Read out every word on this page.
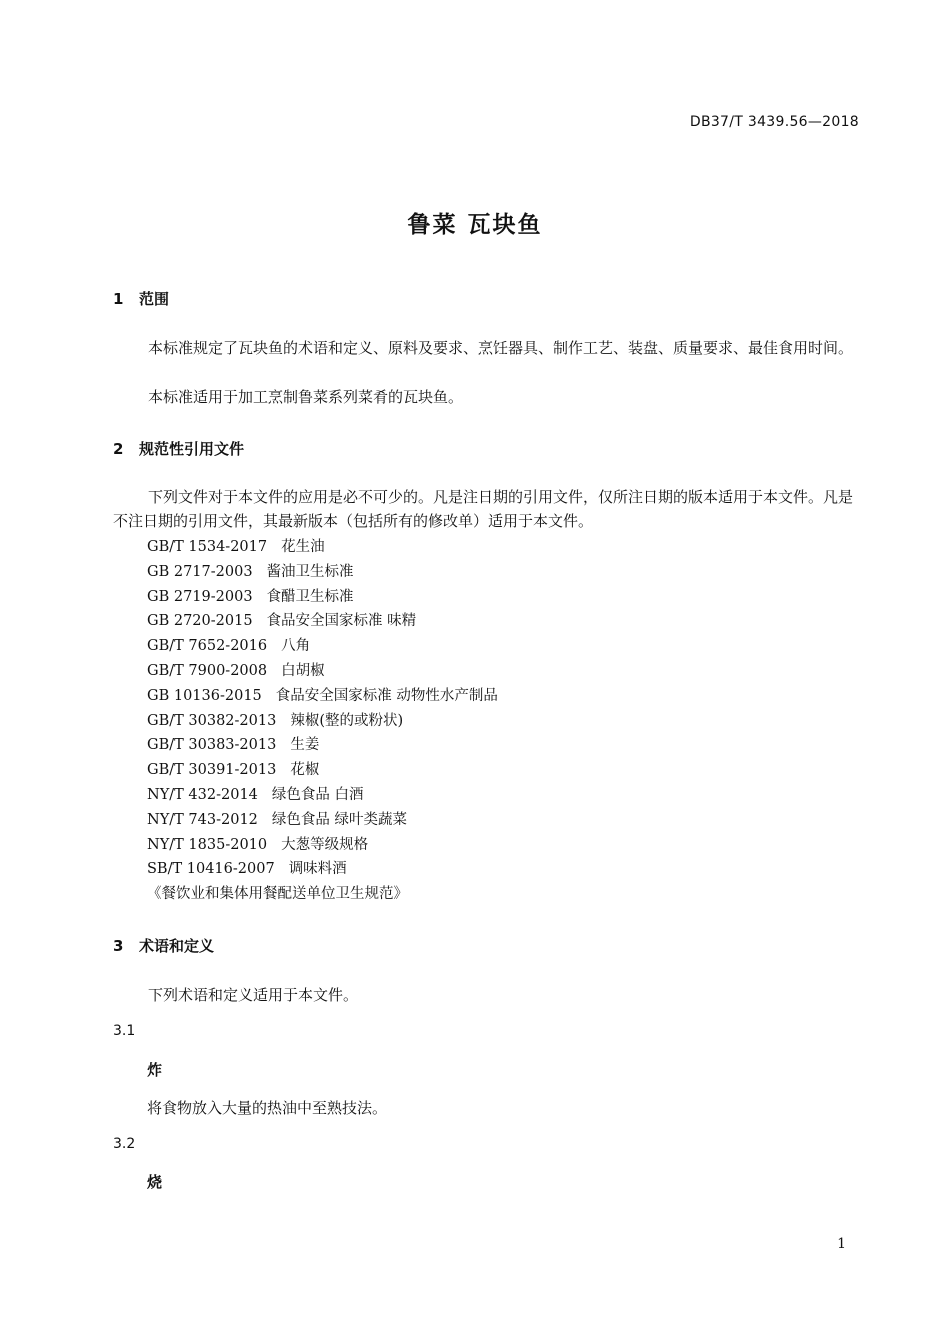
DB37/T 3439.56—2018
鲁菜 瓦块鱼
1 范围

本标准规定了瓦块鱼的术语和定义、原料及要求、烹饪器具、制作工艺、装盘、质量要求、最佳食用时间。

本标准适用于加工烹制鲁菜系列菜肴的瓦块鱼。

2 规范性引用文件

下列文件对于本文件的应用是必不可少的。凡是注日期的引用文件，仅所注日期的版本适用于本文件。凡是不注日期的引用文件，其最新版本（包括所有的修改单）适用于本文件。

GB/T 1534-2017 花生油
GB 2717-2003 酱油卫生标准
GB 2719-2003 食醋卫生标准
GB 2720-2015 食品安全国家标准 味精
GB/T 7652-2016 八角
GB/T 7900-2008 白胡椒
GB 10136-2015 食品安全国家标准 动物性水产制品
GB/T 30382-2013 辣椒(整的或粉状)
GB/T 30383-2013 生姜
GB/T 30391-2013 花椒
NY/T 432-2014 绿色食品 白酒
NY/T 743-2012 绿色食品 绿叶类蔬菜
NY/T 1835-2010 大葱等级规格
SB/T 10416-2007 调味料酒
《餐饮业和集体用餐配送单位卫生规范》
3 术语和定义

下列术语和定义适用于本文件。

3.1
炸
将食物放入大量的热油中至熟技法。
3.2
烧
1
